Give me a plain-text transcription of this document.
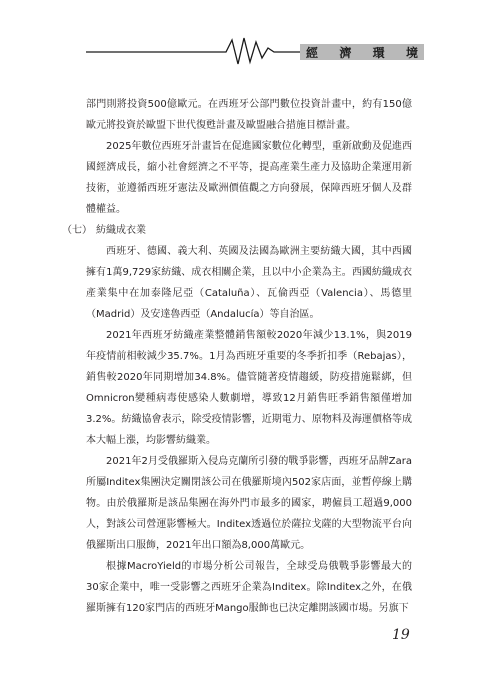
經 濟 環 境

部門則將投資500億歐元。在西班牙公部門數位投資計畫中，約有150億歐元將投資於歐盟下世代復甦計畫及歐盟融合措施目標計畫。

2025年數位西班牙計畫旨在促進國家數位化轉型，重新啟動及促進西國經濟成長，縮小社會經濟之不平等，提高產業生產力及協助企業運用新技術，並遵循西班牙憲法及歐洲價值觀之方向發展，保障西班牙個人及群體權益。

（七） 紡織成衣業

西班牙、德國、義大利、英國及法國為歐洲主要紡織大國，其中西國擁有1萬9,729家紡織、成衣相關企業，且以中小企業為主。西國紡織成衣產業集中在加泰隆尼亞（Cataluña）、瓦倫西亞（Valencia）、馬德里（Madrid）及安達魯西亞（Andalucía）等自治區。

2021年西班牙紡織產業整體銷售額較2020年減少13.1%，與2019年疫情前相較減少35.7%。1月為西班牙重要的冬季折扣季（Rebajas），銷售較2020年同期增加34.8%。儘管隨著疫情趨緩，防疫措施鬆綁，但Omnicron變種病毒使感染人數劇增，導致12月銷售旺季銷售額僅增加3.2%。紡織協會表示，除受疫情影響，近期電力、原物料及海運價格等成本大幅上漲，均影響紡織業。

2021年2月受俄羅斯入侵烏克蘭所引發的戰爭影響，西班牙品牌Zara所屬Inditex集團決定關閉該公司在俄羅斯境內502家店面，並暫停線上購物。由於俄羅斯是該品集團在海外門市最多的國家，聘僱員工超過9,000人，對該公司營運影響極大。Inditex透過位於薩拉戈薩的大型物流平台向俄羅斯出口服飾，2021年出口額為8,000萬歐元。

根據MacroYield的市場分析公司報告，全球受烏俄戰爭影響最大的30家企業中，唯一受影響之西班牙企業為Inditex。除Inditex之外，在俄羅斯擁有120家門店的西班牙Mango服飾也已決定離開該國市場。另旗下

19
